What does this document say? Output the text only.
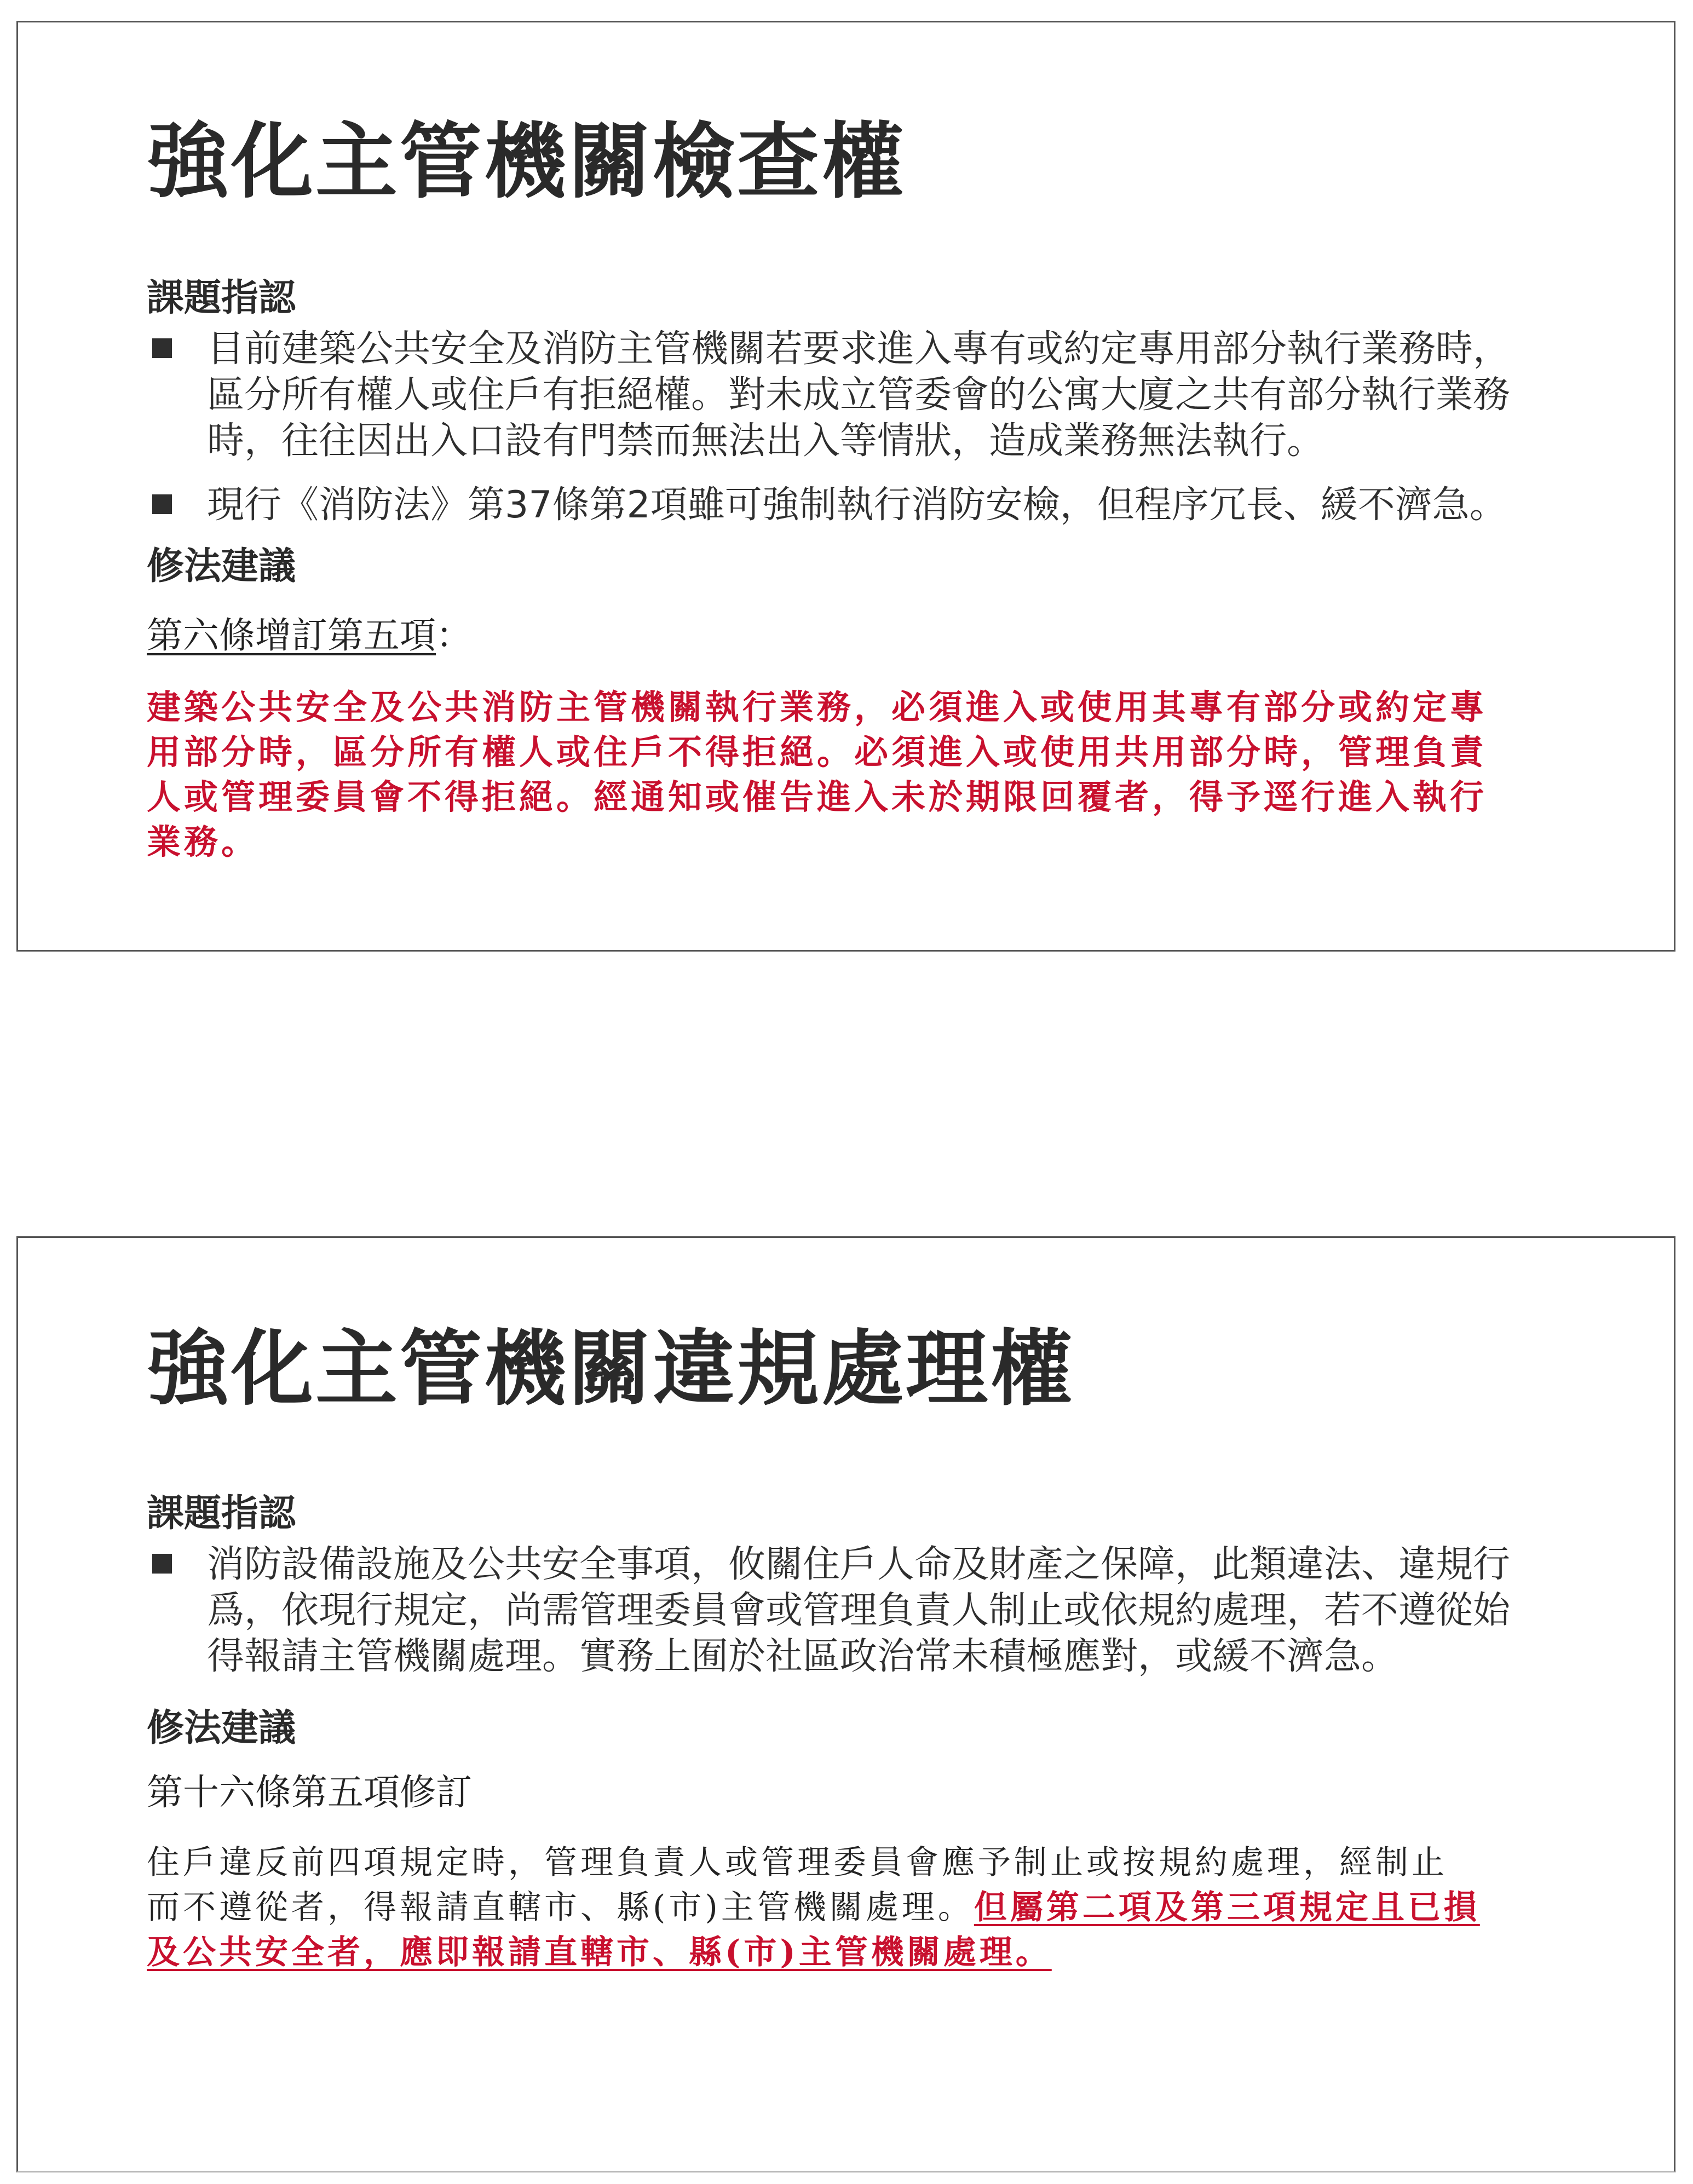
強化主管機關檢查權
課題指認
目前建築公共安全及消防主管機關若要求進入專有或約定專用部分執行業務時，
區分所有權人或住戶有拒絕權。對未成立管委會的公寓大廈之共有部分執行業務
時，往往因出入口設有門禁而無法出入等情狀，造成業務無法執行。
現行《消防法》第37條第2項雖可強制執行消防安檢，但程序冗長、緩不濟急。
修法建議
第六條增訂第五項：
建築公共安全及公共消防主管機關執行業務，必須進入或使用其專有部分或約定專
用部分時，區分所有權人或住戶不得拒絕。必須進入或使用共用部分時，管理負責
人或管理委員會不得拒絕。經通知或催告進入未於期限回覆者，得予逕行進入執行
業務。
強化主管機關違規處理權
課題指認
消防設備設施及公共安全事項，攸關住戶人命及財產之保障，此類違法、違規行
爲，依現行規定，尚需管理委員會或管理負責人制止或依規約處理，若不遵從始
得報請主管機關處理。實務上囿於社區政治常未積極應對，或緩不濟急。
修法建議
第十六條第五項修訂
住戶違反前四項規定時，管理負責人或管理委員會應予制止或按規約處理，經制止
而不遵從者，得報請直轄市、縣(市)主管機關處理。但屬第二項及第三項規定且已損
及公共安全者，應即報請直轄市、縣(市)主管機關處理。
